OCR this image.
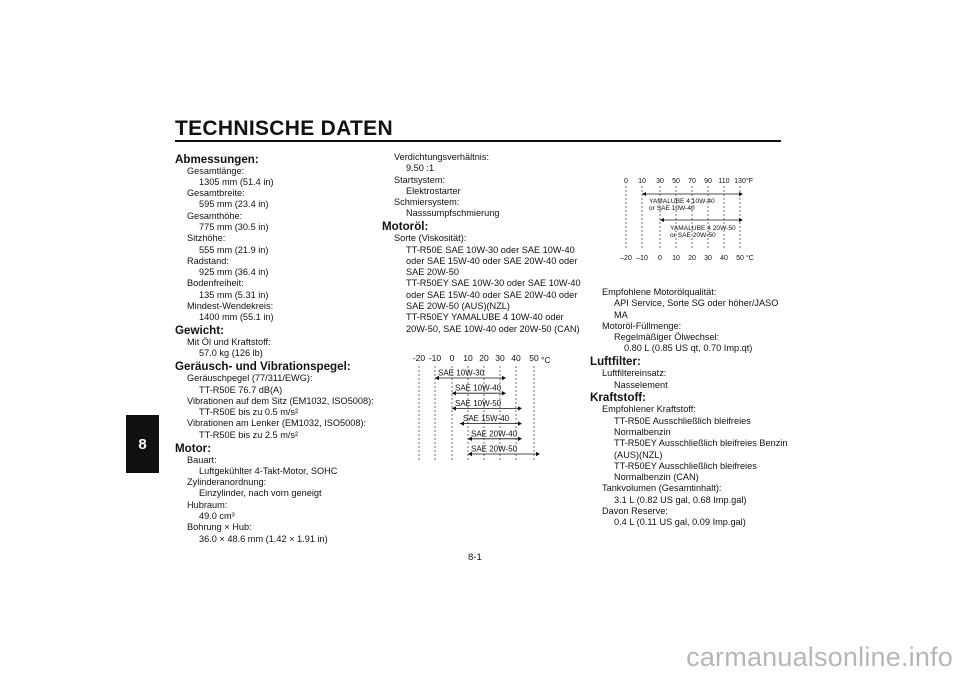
TECHNISCHE DATEN
8
Abmessungen:
Gesamtlänge:
1305 mm (51.4 in)
Gesamtbreite:
595 mm (23.4 in)
Gesamthöhe:
775 mm (30.5 in)
Sitzhöhe:
555 mm (21.9 in)
Radstand:
925 mm (36.4 in)
Bodenfreiheit:
135 mm (5.31 in)
Mindest-Wendekreis:
1400 mm (55.1 in)
Gewicht:
Mit Öl und Kraftstoff:
57.0 kg (126 lb)
Geräusch- und Vibrationspegel:
Geräuschpegel (77/311/EWG):
TT-R50E 76.7 dB(A)
Vibrationen auf dem Sitz (EM1032, ISO5008):
TT-R50E bis zu 0.5 m/s²
Vibrationen am Lenker (EM1032, ISO5008):
TT-R50E bis zu 2.5 m/s²
Motor:
Bauart:
Luftgekühlter 4-Takt-Motor, SOHC
Zylinderanordnung:
Einzylinder, nach vorn geneigt
Hubraum:
49.0 cm³
Bohrung × Hub:
36.0 × 48.6 mm (1.42 × 1.91 in)
Verdichtungsverhältnis:
9.50 :1
Startsystem:
Elektrostarter
Schmiersystem:
Nasssumpfschmierung
Motoröl:
Sorte (Viskosität):
TT-R50E SAE 10W-30 oder SAE 10W-40
oder SAE 15W-40 oder SAE 20W-40 oder
SAE 20W-50
TT-R50EY SAE 10W-30 oder SAE 10W-40
oder SAE 15W-40 oder SAE 20W-40 oder
SAE 20W-50 (AUS)(NZL)
TT-R50EY YAMALUBE 4 10W-40 oder
20W-50, SAE 10W-40 oder 20W-50 (CAN)
Empfohlene Motorölqualität:
API Service, Sorte SG oder höher/JASO
MA
Motoröl-Füllmenge:
Regelmäßiger Ölwechsel:
0.80 L (0.85 US qt, 0.70 Imp.qt)
Luftfilter:
Luftfiltereinsatz:
Nasselement
Kraftstoff:
Empfohlener Kraftstoff:
TT-R50E Ausschließlich bleifreies
Normalbenzin
TT-R50EY Ausschließlich bleifreies Benzin
(AUS)(NZL)
TT-R50EY Ausschließlich bleifreies
Normalbenzin (CAN)
Tankvolumen (Gesamtinhalt):
3.1 L (0.82 US gal, 0.68 Imp.gal)
Davon Reserve:
0.4 L (0.11 US gal, 0.09 Imp.gal)
-20 -10 0 10 20 30 40 50 °C
SAE 10W-30
SAE 10W-40
SAE 10W-50
SAE 15W-40
SAE 20W-40
SAE 20W-50
0 10 30 50 70 90 110 130 °F
YAMALUBE 4 10W-40
or SAE 10W-40
YAMALUBE 4 20W-50
or SAE 20W-50
–20 –10 0 10 20 30 40 50 °C
8-1
carmanualsonline.info
